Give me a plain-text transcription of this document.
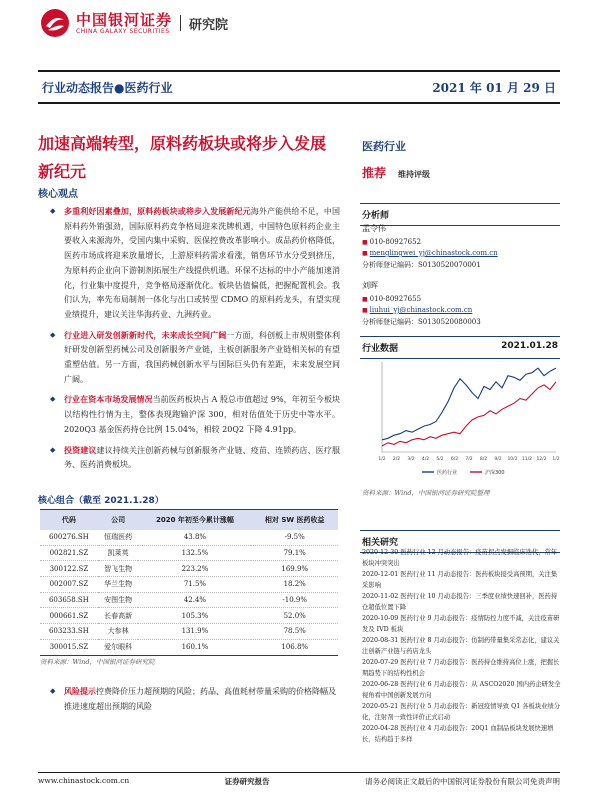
中国银河证券
CHINA GALAXY SECURITIES 研究院
行业动态报告●医药行业	2021 年 01 月 29 日
加速高端转型，原料药板块或将步入发展新纪元
核心观点
◆ 多重利好因素叠加，原料药板块或将步入发展新纪元海外产能供给不足，中国原料药外销强劲，国际原料药竞争格局迎来洗牌机遇，中国特色原料药企业主要收入来源海外，受国内集中采购、医保控费改革影响小。成品药价格降低，医药市场成将迎来放量增长，上游原料药需求看涨，销售环节水分受到挤压，为原料药企业向下游制剂拓展生产线提供机遇。环保不达标的中小产能加速消化，行业集中度提升，竞争格局逐渐优化。板块估值偏低，把握配置机会。我们认为，率先布局制剂一体化与出口或转型 CDMO 的原料药龙头，有望实现业绩提升，建议关注华海药业、九洲药业。
◆ 行业进入研发创新新时代，未来成长空间广阔一方面，科创板上市规则整体利好研发创新型药械公司及创新服务产业链，主板创新服务产业链相关标的有望重塑估值。另一方面，我国药械创新水平与国际巨头仍有差距，未来发展空间广阔。
◆ 行业在资本市场发展情况当前医药板块占 A 股总市值超过 9%，年初至今板块以结构性行情为主，整体表现跑输沪深 300，相对估值处于历史中等水平。2020Q3 基金医药持仓比例 15.04%，相较 20Q2 下降 4.91pp。
◆ 投资建议建议持续关注创新药械与创新服务产业链、疫苗、连锁药店、医疗服务、医药消费板块。
核心组合（截至 2021.1.28）
代码	公司	2020 年初至今累计涨幅	相对 SW 医药收益
600276.SH	恒瑞医药	43.8%	-9.5%
002821.SZ	凯莱英	132.5%	79.1%
300122.SZ	智飞生物	223.2%	169.9%
002007.SZ	华兰生物	71.5%	18.2%
603658.SH	安图生物	42.4%	-10.9%
000661.SZ	长春高新	105.3%	52.0%
603233.SH	大参林	131.9%	78.5%
300015.SZ	爱尔眼科	160.1%	106.8%
资料来源：Wind，中国银河证券研究院
◆ 风险提示控费降价压力超预期的风险；药品、高值耗材带量采购的价格降幅及推进速度超出预期的风险
医药行业
推荐 维持评级
分析师
孟令伟
■ 010-80927652
■ menglingwei_yj@chinastock.com.cn
分析师登记编码：S0130520070001
刘晖
■ 010-80927655
■ liuhui_yj@chinastock.com.cn
分析师登记编码：S0130520080003
行业数据	2021.01.28
1/2 2/2 3/2 4/2 5/2 6/2 7/2 8/2 9/2 10/2 11/2 12/2 1/2
医药行业	沪深300
资料来源：Wind，中国银河证券研究院整理
相关研究
2020-12-30 医药行业 12 月动态报告：疫苗拐点发掘临床迭代，常年板块冲突突出
2020-12-01 医药行业 11 月动态报告：医药板块接受高预期，关注集采影响
2020-11-02 医药行业 10 月动态报告：三季度业绩快速回补，医药持仓超低位置下降
2020-10-09 医药行业 9 月动态报告：疫情防控力度不减，关注疫苗研发及 IVD 板块
2020-08-31 医药行业 8 月动态报告：仿制药带量集采常态化，建议关注创新产业链与药店龙头
2020-07-29 医药行业 7 月动态报告：医药持仓维持高位上涨，把握长期趋势下的结构性机会
2020-06-28 医药行业 6 月动态报告：从 ASCO2020 国内药企研发全视角看中国创新发展方向
2020-05-21 医药行业 5 月动态报告：新冠疫情导致 Q1 各板块业绩分化，注射剂一致性评价正式启动
2020-04-28 医药行业 4 月动态报告：20Q1 血制品板块发展快速增长，结构趋于多样
www.chinastock.com.cn	证券研究报告	请务必阅读正文最后的中国银河证券股份有限公司免责声明
